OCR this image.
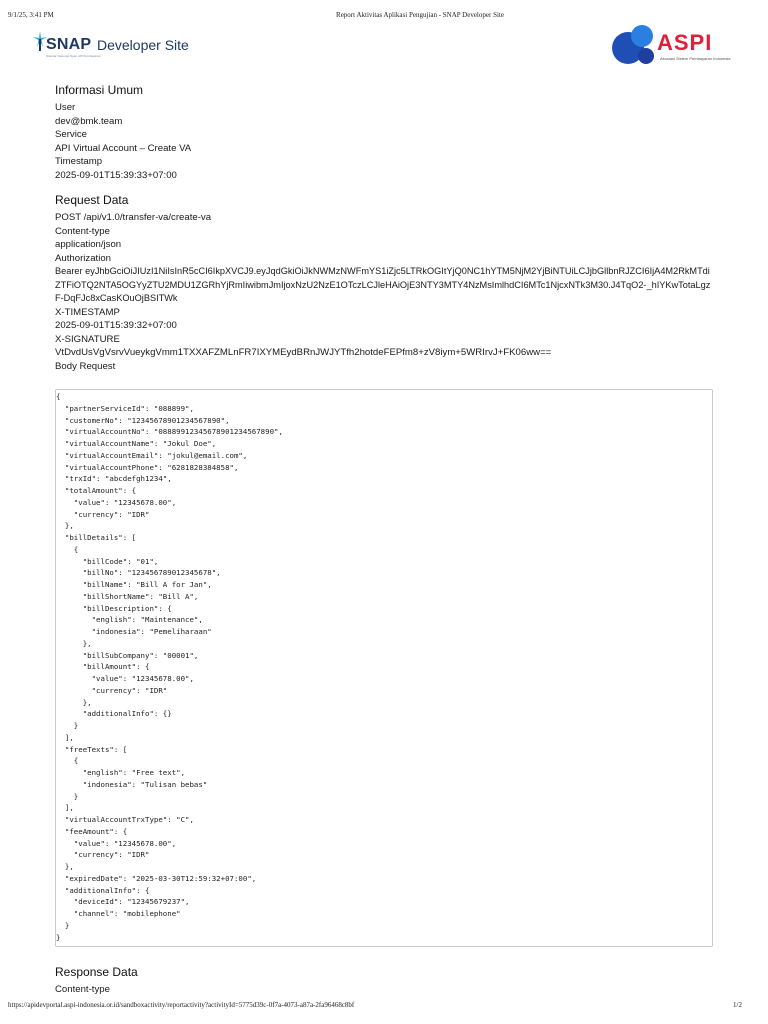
9/1/25, 3:41 PM	Report Aktivitas Aplikasi Pengujian - SNAP Developer Site
SNAP Developer Site
Standar Nasional Open API Pembayaran
ASPI
Asosiasi Sistem Pembayaran Indonesia
Informasi Umum
User
dev@bmk.team
Service
API Virtual Account – Create VA
Timestamp
2025-09-01T15:39:33+07:00
Request Data
POST /api/v1.0/transfer-va/create-va
Content-type
application/json
Authorization
Bearer eyJhbGciOiJIUzI1NiIsInR5cCI6IkpXVCJ9.eyJqdGkiOiJkNWMzNWFmYS1iZjc5LTRkOGItYjQ0NC1hYTM5NjM2YjBiNTUiLCJjbGllbnRJZCI6IjA4M2RkMTdiZTFiOTQ2NTA5OGYyZTU2MDU1ZGRhYjRmIiwibmJmIjoxNzU2NzE1OTczLCJleHAiOjE3NTY3MTY4NzMsImlhdCI6MTc1NjcxNTk3M30.J4TqO2-_hIYKwTotaLgzF-DqFJc8xCasKOuOjBSITWk
X-TIMESTAMP
2025-09-01T15:39:32+07:00
X-SIGNATURE
VtDvdUsVgVsrvVueykgVmm1TXXAFZMLnFR7IXYMEydBRnJWJYTfh2hotdeFEPfm8+zV8iym+5WRIrvJ+FK06ww==
Body Request
{
"partnerServiceId": "088899",
"customerNo": "12345678901234567890",
"virtualAccountNo": "08889912345678901234567890",
"virtualAccountName": "Jokul Doe",
"virtualAccountEmail": "jokul@email.com",
"virtualAccountPhone": "6281828384858",
"trxId": "abcdefgh1234",
"totalAmount": {
"value": "12345678.00",
"currency": "IDR"
},
"billDetails": [
{
"billCode": "01",
"billNo": "123456789012345678",
"billName": "Bill A for Jan",
"billShortName": "Bill A",
"billDescription": {
"english": "Maintenance",
"indonesia": "Pemeliharaan"
},
"billSubCompany": "00001",
"billAmount": {
"value": "12345678.00",
"currency": "IDR"
},
"additionalInfo": {}
}
],
"freeTexts": [
{
"english": "Free text",
"indonesia": "Tulisan bebas"
}
],
"virtualAccountTrxType": "C",
"feeAmount": {
"value": "12345678.00",
"currency": "IDR"
},
"expiredDate": "2025-03-30T12:59:32+07:00",
"additionalInfo": {
"deviceId": "12345679237",
"channel": "mobilephone"
}
}
Response Data
Content-type
https://apidevportal.aspi-indonesia.or.id/sandboxactivity/reportactivity?activityId=5775d39c-0f7a-4073-a87a-2fa96468c8bf	1/2
